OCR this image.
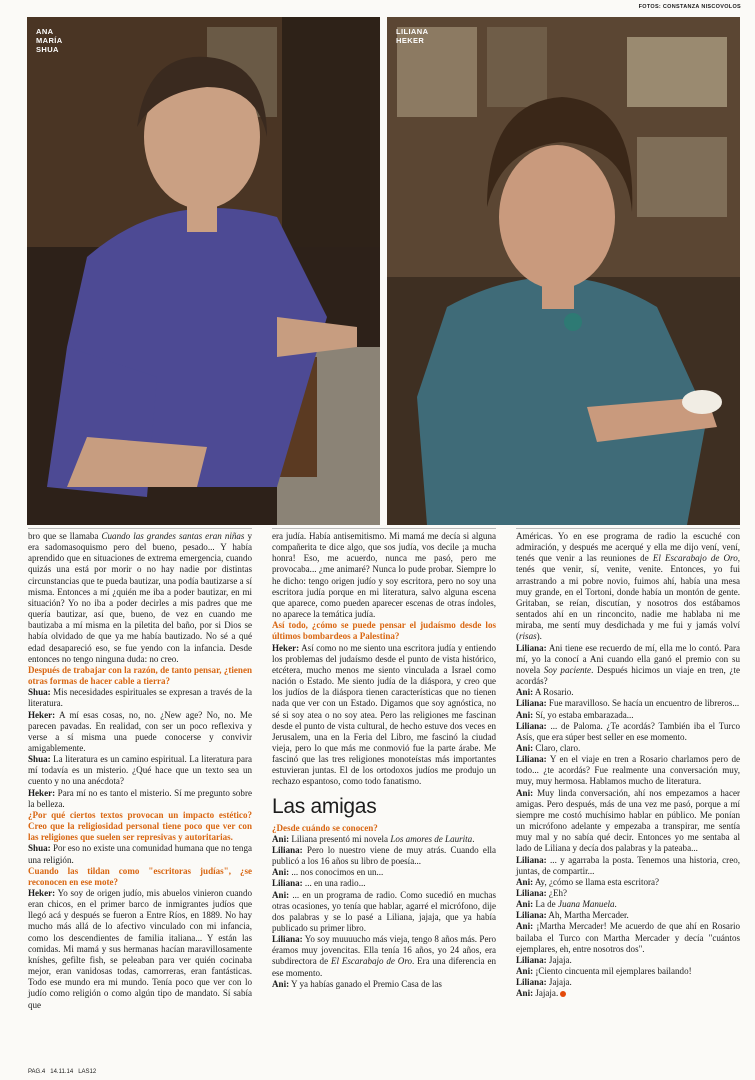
FOTOS: CONSTANZA NISCOVOLOS
ANA
MARÍA
SHUA
LILIANA
HEKER

bro que se llamaba Cuando las grandes santas eran niñas y era sadomasoquismo pero del bueno, pesado... Y había aprendido que en situaciones de extrema emergencia, cuando quizás una está por morir o no hay nadie por distintas circunstancias que te pueda bautizar, una podía bautizarse a sí misma. Entonces a mí ¿quién me iba a poder bautizar, en mi situación? Yo no iba a poder decirles a mis padres que me quería bautizar, así que, bueno, de vez en cuando me bautizaba a mí misma en la piletita del baño, por si Dios se había olvidado de que ya me había bautizado. No sé a qué edad desapareció eso, se fue yendo con la infancia. Desde entonces no tengo ninguna duda: no creo.

Después de trabajar con la razón, de tanto pensar, ¿tienen otras formas de hacer cable a tierra?

Shua: Mis necesidades espirituales se expresan a través de la literatura.

Heker: A mí esas cosas, no, no. ¿New age? No, no. Me parecen pavadas. En realidad, con ser un poco reflexiva y verse a sí misma una puede conocerse y convivir amigablemente.

Shua: La literatura es un camino espiritual. La literatura para mí todavía es un misterio. ¿Qué hace que un texto sea un cuento y no una anécdota?

Heker: Para mí no es tanto el misterio. Sí me pregunto sobre la belleza.

¿Por qué ciertos textos provocan un impacto estético? Creo que la religiosidad personal tiene poco que ver con las religiones que suelen ser represivas y autoritarias.

Shua: Por eso no existe una comunidad humana que no tenga una religión.

Cuando las tildan como "escritoras judías", ¿se reconocen en ese mote?

Heker: Yo soy de origen judío, mis abuelos vinieron cuando eran chicos, en el primer barco de inmigrantes judíos que llegó acá y después se fueron a Entre Ríos, en 1889. No hay mucho más allá de lo afectivo vinculado con mi infancia, como los descendientes de familia italiana... Y están las comidas. Mi mamá y sus hermanas hacían maravillosamente kníshes, gefilte fish, se peleaban para ver quién cocinaba mejor, eran vanidosas todas, camorreras, eran fantásticas. Todo ese mundo era mi mundo. Tenía poco que ver con lo judío como religión o como algún tipo de mandato. Sí sabía que

era judía. Había antisemitismo. Mi mamá me decía si alguna compañerita te dice algo, que sos judía, vos decile ¡a mucha honra! Eso, me acuerdo, nunca me pasó, pero me provocaba... ¿me animaré? Nunca lo pude probar. Siempre lo he dicho: tengo origen judío y soy escritora, pero no soy una escritora judía porque en mi literatura, salvo alguna escena que aparece, como pueden aparecer escenas de otras índoles, no aparece la temática judía.

Así todo, ¿cómo se puede pensar el judaísmo desde los últimos bombardeos a Palestina?

Heker: Así como no me siento una escritora judía y entiendo los problemas del judaísmo desde el punto de vista histórico, etcétera, mucho menos me siento vinculada a Israel como nación o Estado. Me siento judía de la diáspora, y creo que los judíos de la diáspora tienen características que no tienen nada que ver con un Estado. Digamos que soy agnóstica, no sé si soy atea o no soy atea. Pero las religiones me fascinan desde el punto de vista cultural, de hecho estuve dos veces en Jerusalem, una en la Feria del Libro, me fascinó la ciudad vieja, pero lo que más me conmovió fue la parte árabe. Me fascinó que las tres religiones monoteístas más importantes estuvieran juntas. El de los ortodoxos judíos me produjo un rechazo espantoso, como todo fanatismo.

Las amigas

¿Desde cuándo se conocen?

Ani: Liliana presentó mi novela Los amores de Laurita.

Liliana: Pero lo nuestro viene de muy atrás. Cuando ella publicó a los 16 años su libro de poesía...

Ani: ... nos conocimos en un...

Liliana: ... en una radio...

Ani: ... en un programa de radio. Como sucedió en muchas otras ocasiones, yo tenía que hablar, agarré el micrófono, dije dos palabras y se lo pasé a Liliana, jajaja, que ya había publicado su primer libro.

Liliana: Yo soy muuuucho más vieja, tengo 8 años más. Pero éramos muy jovencitas. Ella tenía 16 años, yo 24 años, era subdirectora de El Escarabajo de Oro. Era una diferencia en ese momento.

Ani: Y ya habías ganado el Premio Casa de las

Américas. Yo en ese programa de radio la escuché con admiración, y después me acerqué y ella me dijo vení, vení, tenés que venir a las reuniones de El Escarabajo de Oro, tenés que venir, sí, venite, venite. Entonces, yo fui arrastrando a mi pobre novio, fuimos ahí, había una mesa muy grande, en el Tortoni, donde había un montón de gente. Gritaban, se reían, discutían, y nosotros dos estábamos sentados ahí en un rinconcito, nadie me hablaba ni me miraba, me sentí muy desdichada y me fui y jamás volví (risas).

Liliana: Ani tiene ese recuerdo de mí, ella me lo contó. Para mí, yo la conocí a Ani cuando ella ganó el premio con su novela Soy paciente. Después hicimos un viaje en tren, ¿te acordás?

Ani: A Rosario.

Liliana: Fue maravilloso. Se hacía un encuentro de libreros...

Ani: Sí, yo estaba embarazada...

Liliana: ... de Paloma. ¿Te acordás? También iba el Turco Asís, que era súper best seller en ese momento.

Ani: Claro, claro.

Liliana: Y en el viaje en tren a Rosario charlamos pero de todo... ¿te acordás? Fue realmente una conversación muy, muy, muy hermosa. Hablamos mucho de literatura.

Ani: Muy linda conversación, ahí nos empezamos a hacer amigas. Pero después, más de una vez me pasó, porque a mí siempre me costó muchísimo hablar en público. Me ponían un micrófono adelante y empezaba a transpirar, me sentía muy mal y no sabía qué decir. Entonces yo me sentaba al lado de Liliana y decía dos palabras y la pateaba...

Liliana: ... y agarraba la posta. Tenemos una historia, creo, juntas, de compartir...

Ani: Ay, ¿cómo se llama esta escritora?

Liliana: ¿Eh?

Ani: La de Juana Manuela.

Liliana: Ah, Martha Mercader.

Ani: ¡Martha Mercader! Me acuerdo de que ahí en Rosario bailaba el Turco con Martha Mercader y decía "cuántos ejemplares, eh, entre nosotros dos".

Liliana: Jajaja.

Ani: ¡Ciento cincuenta mil ejemplares bailando!

Liliana: Jajaja.

Ani: Jajaja.

PAG.4 14.11.14 LAS12
